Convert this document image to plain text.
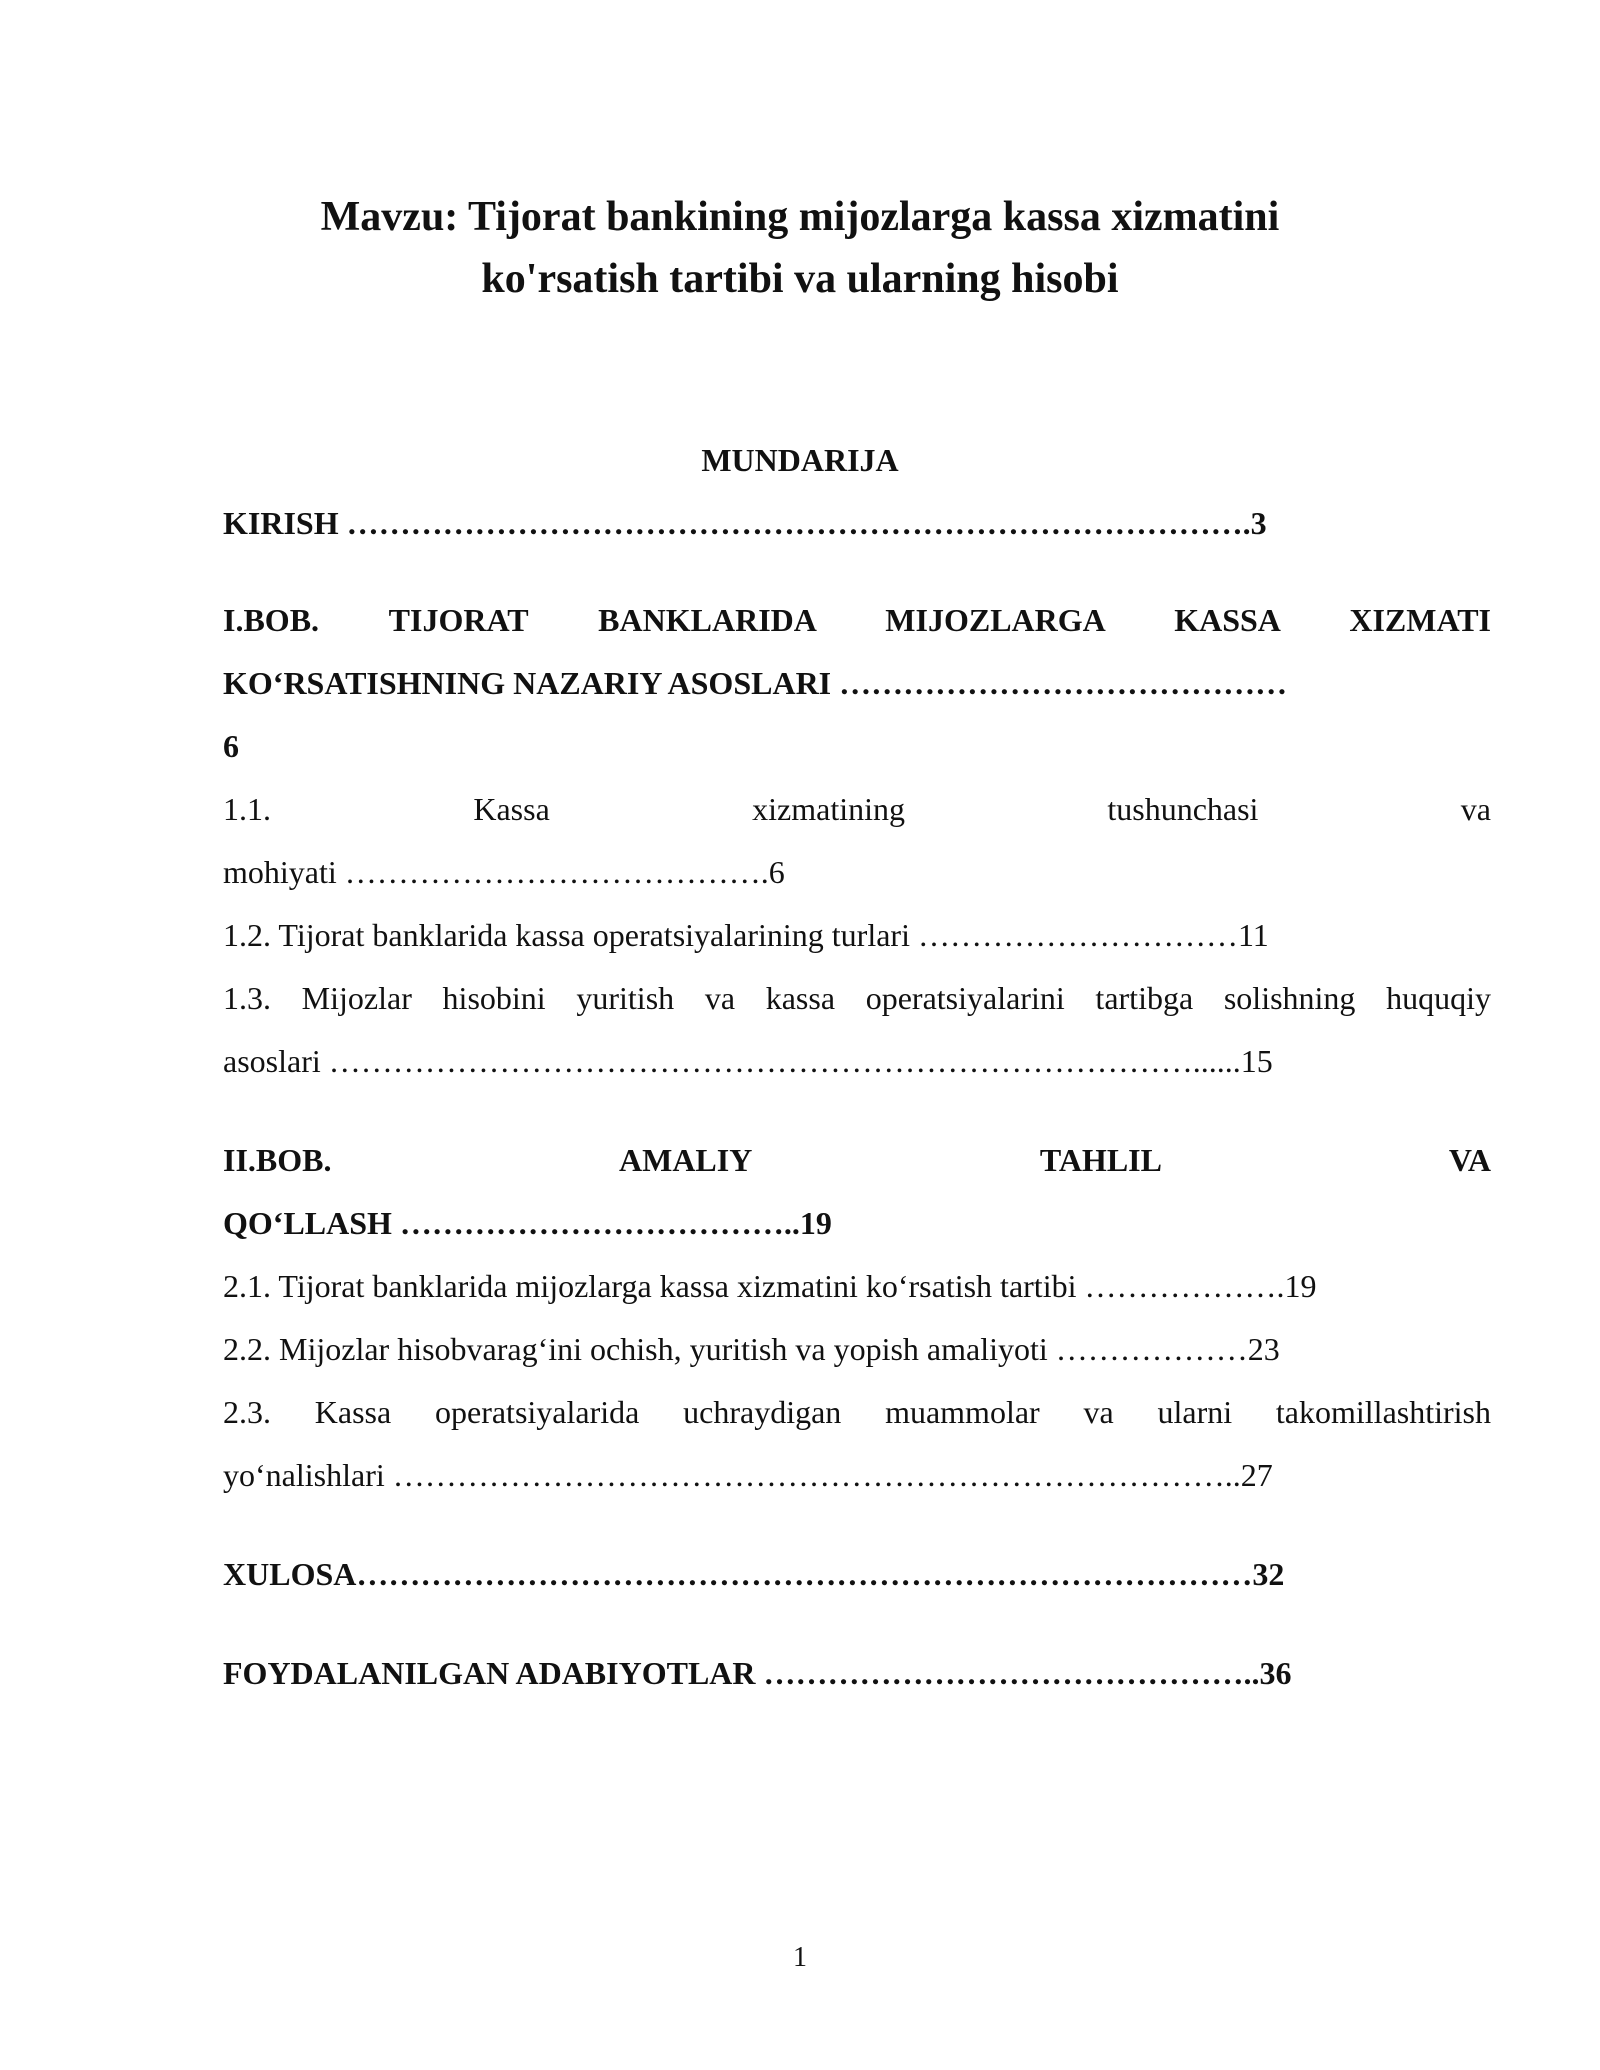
Mavzu: Tijorat bankining mijozlarga kassa xizmatini
ko'rsatish tartibi va ularning hisobi
MUNDARIJA
KIRISH ………………………………………………………………………….3
I.BOB. TIJORAT BANKLARIDA MIJOZLARGA KASSA XIZMATI
KO‘RSATISHNING NAZARIY ASOSLARI ……………………………………
6
1.1. Kassa xizmatining tushunchasi va
mohiyati ………………………………….6
1.2. Tijorat banklarida kassa operatsiyalarining turlari …………………………11
1.3. Mijozlar hisobini yuritish va kassa operatsiyalarini tartibga solishning huquqiy
asoslari ………………………………………………………………………......15
II.BOB. AMALIY TAHLIL VA
QO‘LLASH ………………………………..19
2.1. Tijorat banklarida mijozlarga kassa xizmatini ko‘rsatish tartibi ……………….19
2.2. Mijozlar hisobvarag‘ini ochish, yuritish va yopish amaliyoti ………………23
2.3. Kassa operatsiyalarida uchraydigan muammolar va ularni takomillashtirish
yo‘nalishlari ……………………………………………………………………..27
XULOSA…………………………………………………………………………32
FOYDALANILGAN ADABIYOTLAR ………………………………………..36
1
